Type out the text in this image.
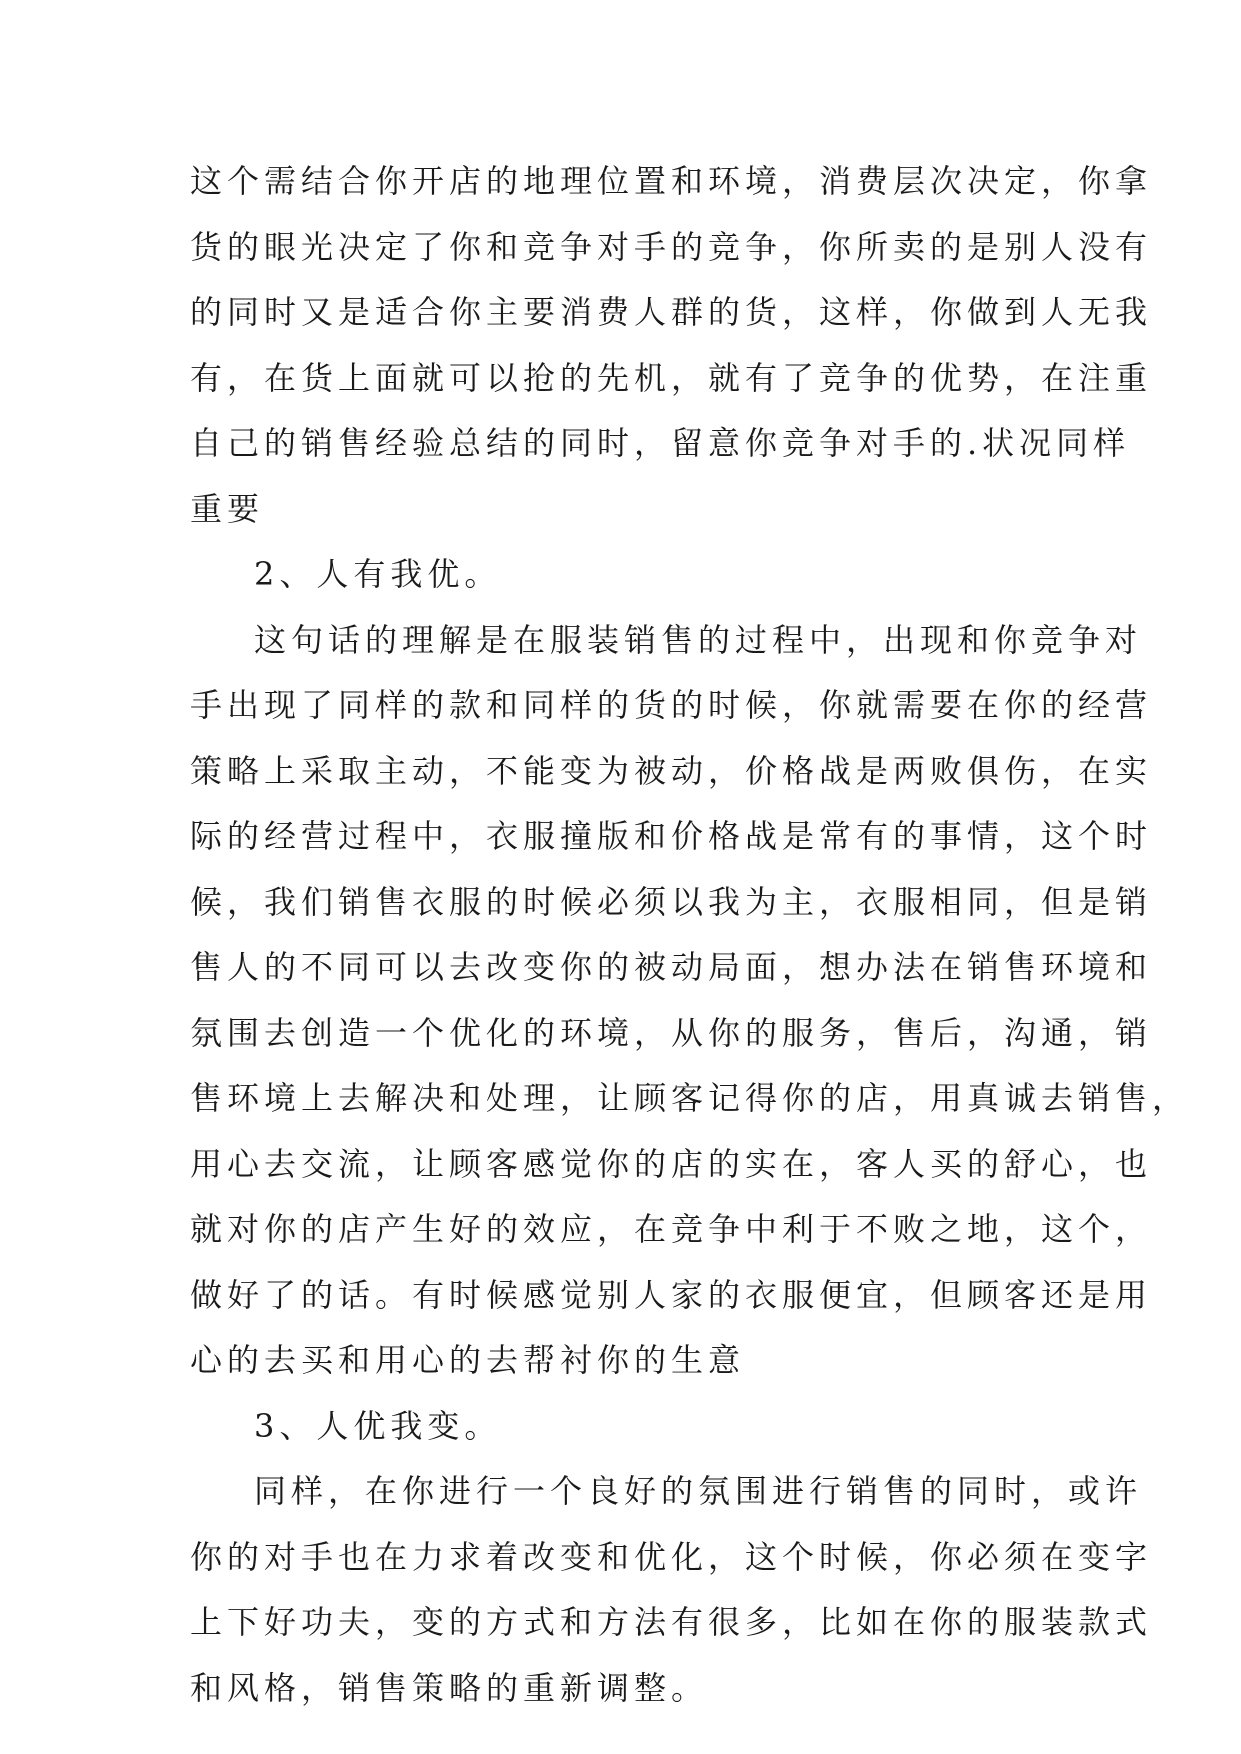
这个需结合你开店的地理位置和环境，消费层次决定，你拿
货的眼光决定了你和竞争对手的竞争，你所卖的是别人没有
的同时又是适合你主要消费人群的货，这样，你做到人无我
有，在货上面就可以抢的先机，就有了竞争的优势，在注重
自己的销售经验总结的同时，留意你竞争对手的.状况同样
重要
2、人有我优。
这句话的理解是在服装销售的过程中，出现和你竞争对
手出现了同样的款和同样的货的时候，你就需要在你的经营
策略上采取主动，不能变为被动，价格战是两败俱伤，在实
际的经营过程中，衣服撞版和价格战是常有的事情，这个时
候，我们销售衣服的时候必须以我为主，衣服相同，但是销
售人的不同可以去改变你的被动局面，想办法在销售环境和
氛围去创造一个优化的环境，从你的服务，售后，沟通，销
售环境上去解决和处理，让顾客记得你的店，用真诚去销售，
用心去交流，让顾客感觉你的店的实在，客人买的舒心，也
就对你的店产生好的效应，在竞争中利于不败之地，这个，
做好了的话。有时候感觉别人家的衣服便宜，但顾客还是用
心的去买和用心的去帮衬你的生意
3、人优我变。
同样，在你进行一个良好的氛围进行销售的同时，或许
你的对手也在力求着改变和优化，这个时候，你必须在变字
上下好功夫，变的方式和方法有很多，比如在你的服装款式
和风格，销售策略的重新调整。
